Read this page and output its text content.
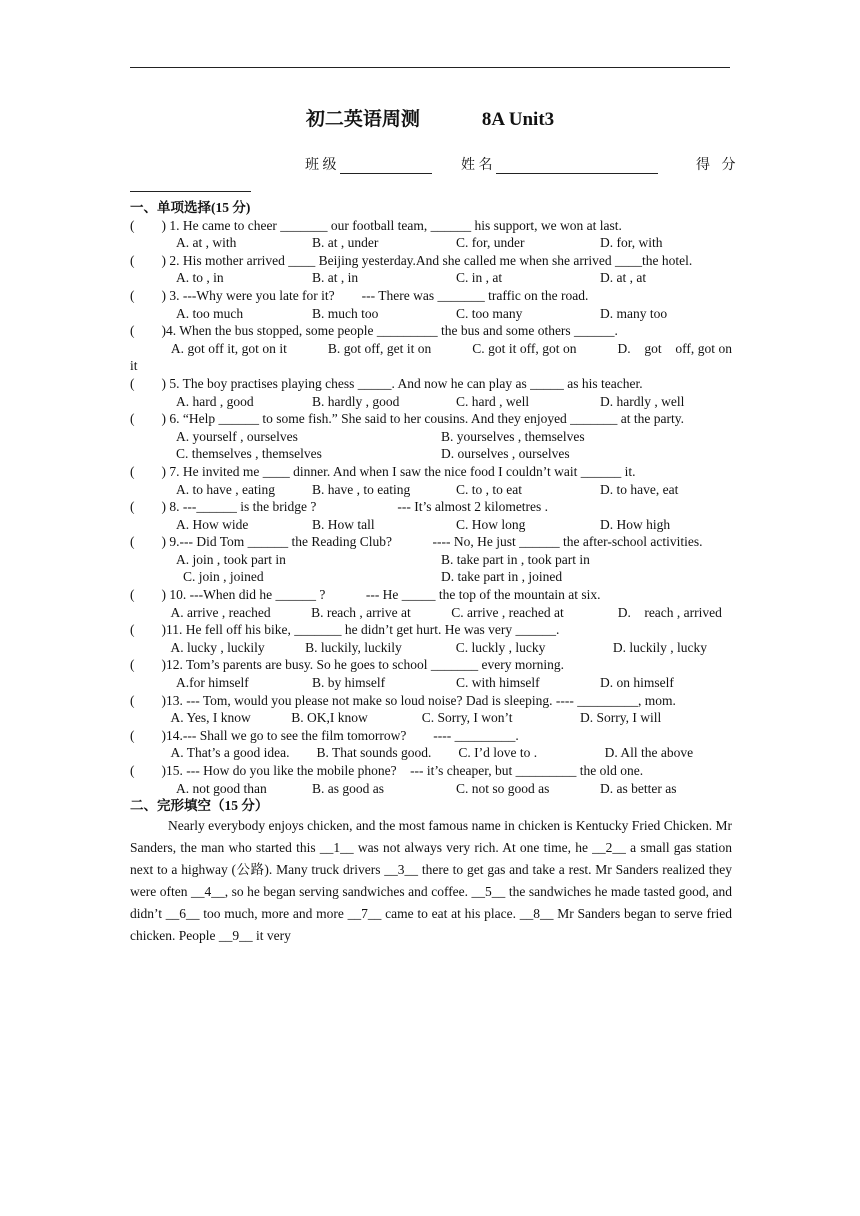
初二英语周测	8A Unit3
班 级	姓 名	得 分
一、单项选择(15 分)

(　　) 1. He came to cheer _______ our football team, ______ his support, we won at last.

A. at , with	B. at , under	C. for, under	D. for, with

(　　) 2. His mother arrived ____ Beijing yesterday.And she called me when she arrived ____the hotel.

A. to , in	B. at , in	C. in , at	D. at , at

(　　) 3. ---Why were you late for it?　　--- There was _______ traffic on the road.

A. too much	B. much too	C. too many	D. many too

(　　)4. When the bus stopped, some people _________ the bus and some others ______.

　　　A. got off it, got on it　　　B. got off, get it on　　　C. got it off, got on　　　D.　got　off, got on it

(　　) 5. The boy practises playing chess _____. And now he can play as _____ as his teacher.

A. hard , good	B. hardly , good	C. hard , well	D. hardly , well

(　　) 6. “Help ______ to some fish.” She said to her cousins. And they enjoyed _______ at the party.

A. yourself , ourselves	B. yourselves , themselves
C. themselves , themselves	D. ourselves , ourselves

(　　) 7. He invited me ____ dinner. And when I saw the nice food I couldn’t wait ______ it.

A. to have , eating	B. have , to eating	C. to , to eat	D. to have, eat

(　　) 8. ---______ is the bridge ?　　　　　　--- It’s almost 2 kilometres .

A. How wide	B. How tall	C. How long	D. How high

(　　) 9.--- Did Tom ______ the Reading Club?　　　---- No, He just ______ the after-school activities.

A. join , took part in	B. take part in , took part in
C. join , joined	D. take part in , joined

(　　) 10. ---When did he ______ ?　　　--- He _____ the top of the mountain at six.

　　　A. arrive , reached　　　B. reach , arrive at　　　C. arrive , reached at　　　　D.　reach , arrived

(　　)11. He fell off his bike, _______ he didn’t get hurt. He was very ______.

　　　A. lucky , luckily　　　B. luckily, luckily　　　　C. luckly , lucky　　　　　D. luckily , lucky

(　　)12. Tom’s parents are busy. So he goes to school _______ every morning.

A.for himself	B. by himself	C. with himself	D. on himself

(　　)13. --- Tom, would you please not make so loud noise? Dad is sleeping. ---- _________, mom.

　　　A. Yes, I know　　　B. OK,I know　　　　C. Sorry, I won’t　　　　　D. Sorry, I will

(　　)14.--- Shall we go to see the film tomorrow?　　---- _________.

　　　A. That’s a good idea.　　B. That sounds good.　　C. I’d love to .　　　　　D. All the above

(　　)15. --- How do you like the mobile phone?　--- it’s cheaper, but _________ the old one.

A. not good than	B. as good as	C. not so good as	D. as better as
二、完形填空（15 分）

Nearly everybody enjoys chicken, and the most famous name in chicken is Kentucky Fried Chicken. Mr Sanders, the man who started this __1__ was not always very rich. At one time, he __2__ a small gas station next to a highway (公路). Many truck drivers __3__ there to get gas and take a rest. Mr Sanders realized they were often __4__, so he began serving sandwiches and coffee. __5__ the sandwiches he made tasted good, and didn’t __6__ too much, more and more __7__ came to eat at his place. __8__ Mr Sanders began to serve fried chicken. People __9__ it very
